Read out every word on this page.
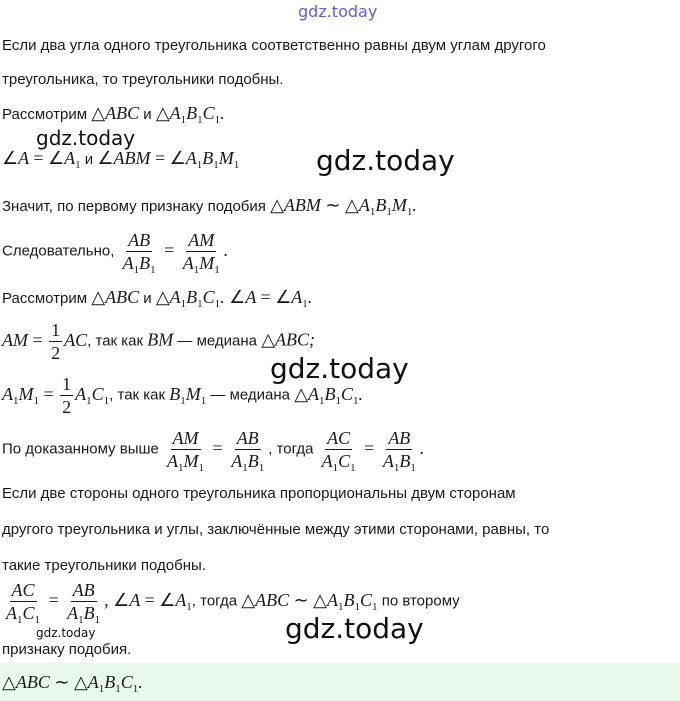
gdz.today
gdz.today
gdz.today
gdz.today
gdz.today	gdz.today
Если два угла одного треугольника соответственно равны двум углам другого
треугольника, то треугольники подобны.
Рассмотрим △ABC и $\triangle A_1B_1C_1$.
∠A = $\angle A_1$ и ∠ABM = $\angle A_1B_1M_1$
Значит, по первому признаку подобия △ABM ∼ $\triangle A_1B_1M_1$.
Следовательно, $\frac{AB}{A_1B_1} = \frac{AM}{A_1M_1}$ .
Рассмотрим △ABC и $\triangle A_1B_1C_1$. ∠A = $\angle A_1$.
AM = $\frac{1}{2}$ AC, так как BM — медиана △ABC;
$A_1M_1 = \frac{1}{2} A_1C_1$, так как $B_1M_1$ — медиана $\triangle A_1B_1C_1$.
По доказанному выше $\frac{AM}{A_1M_1} = \frac{AB}{A_1B_1}$ , тогда $\frac{AC}{A_1C_1} = \frac{AB}{A_1B_1}$ .
Если две стороны одного треугольника пропорциональны двум сторонам
другого треугольника и углы, заключённые между этими сторонами, равны, то
такие треугольники подобны.
$\frac{AC}{A_1C_1} = \frac{AB}{A_1B_1}$ , ∠A = $\angle A_1$, тогда △ABC ∼ $\triangle A_1B_1C_1$ по второму
признаку подобия.
△ABC ∼ $\triangle A_1B_1C_1$.
